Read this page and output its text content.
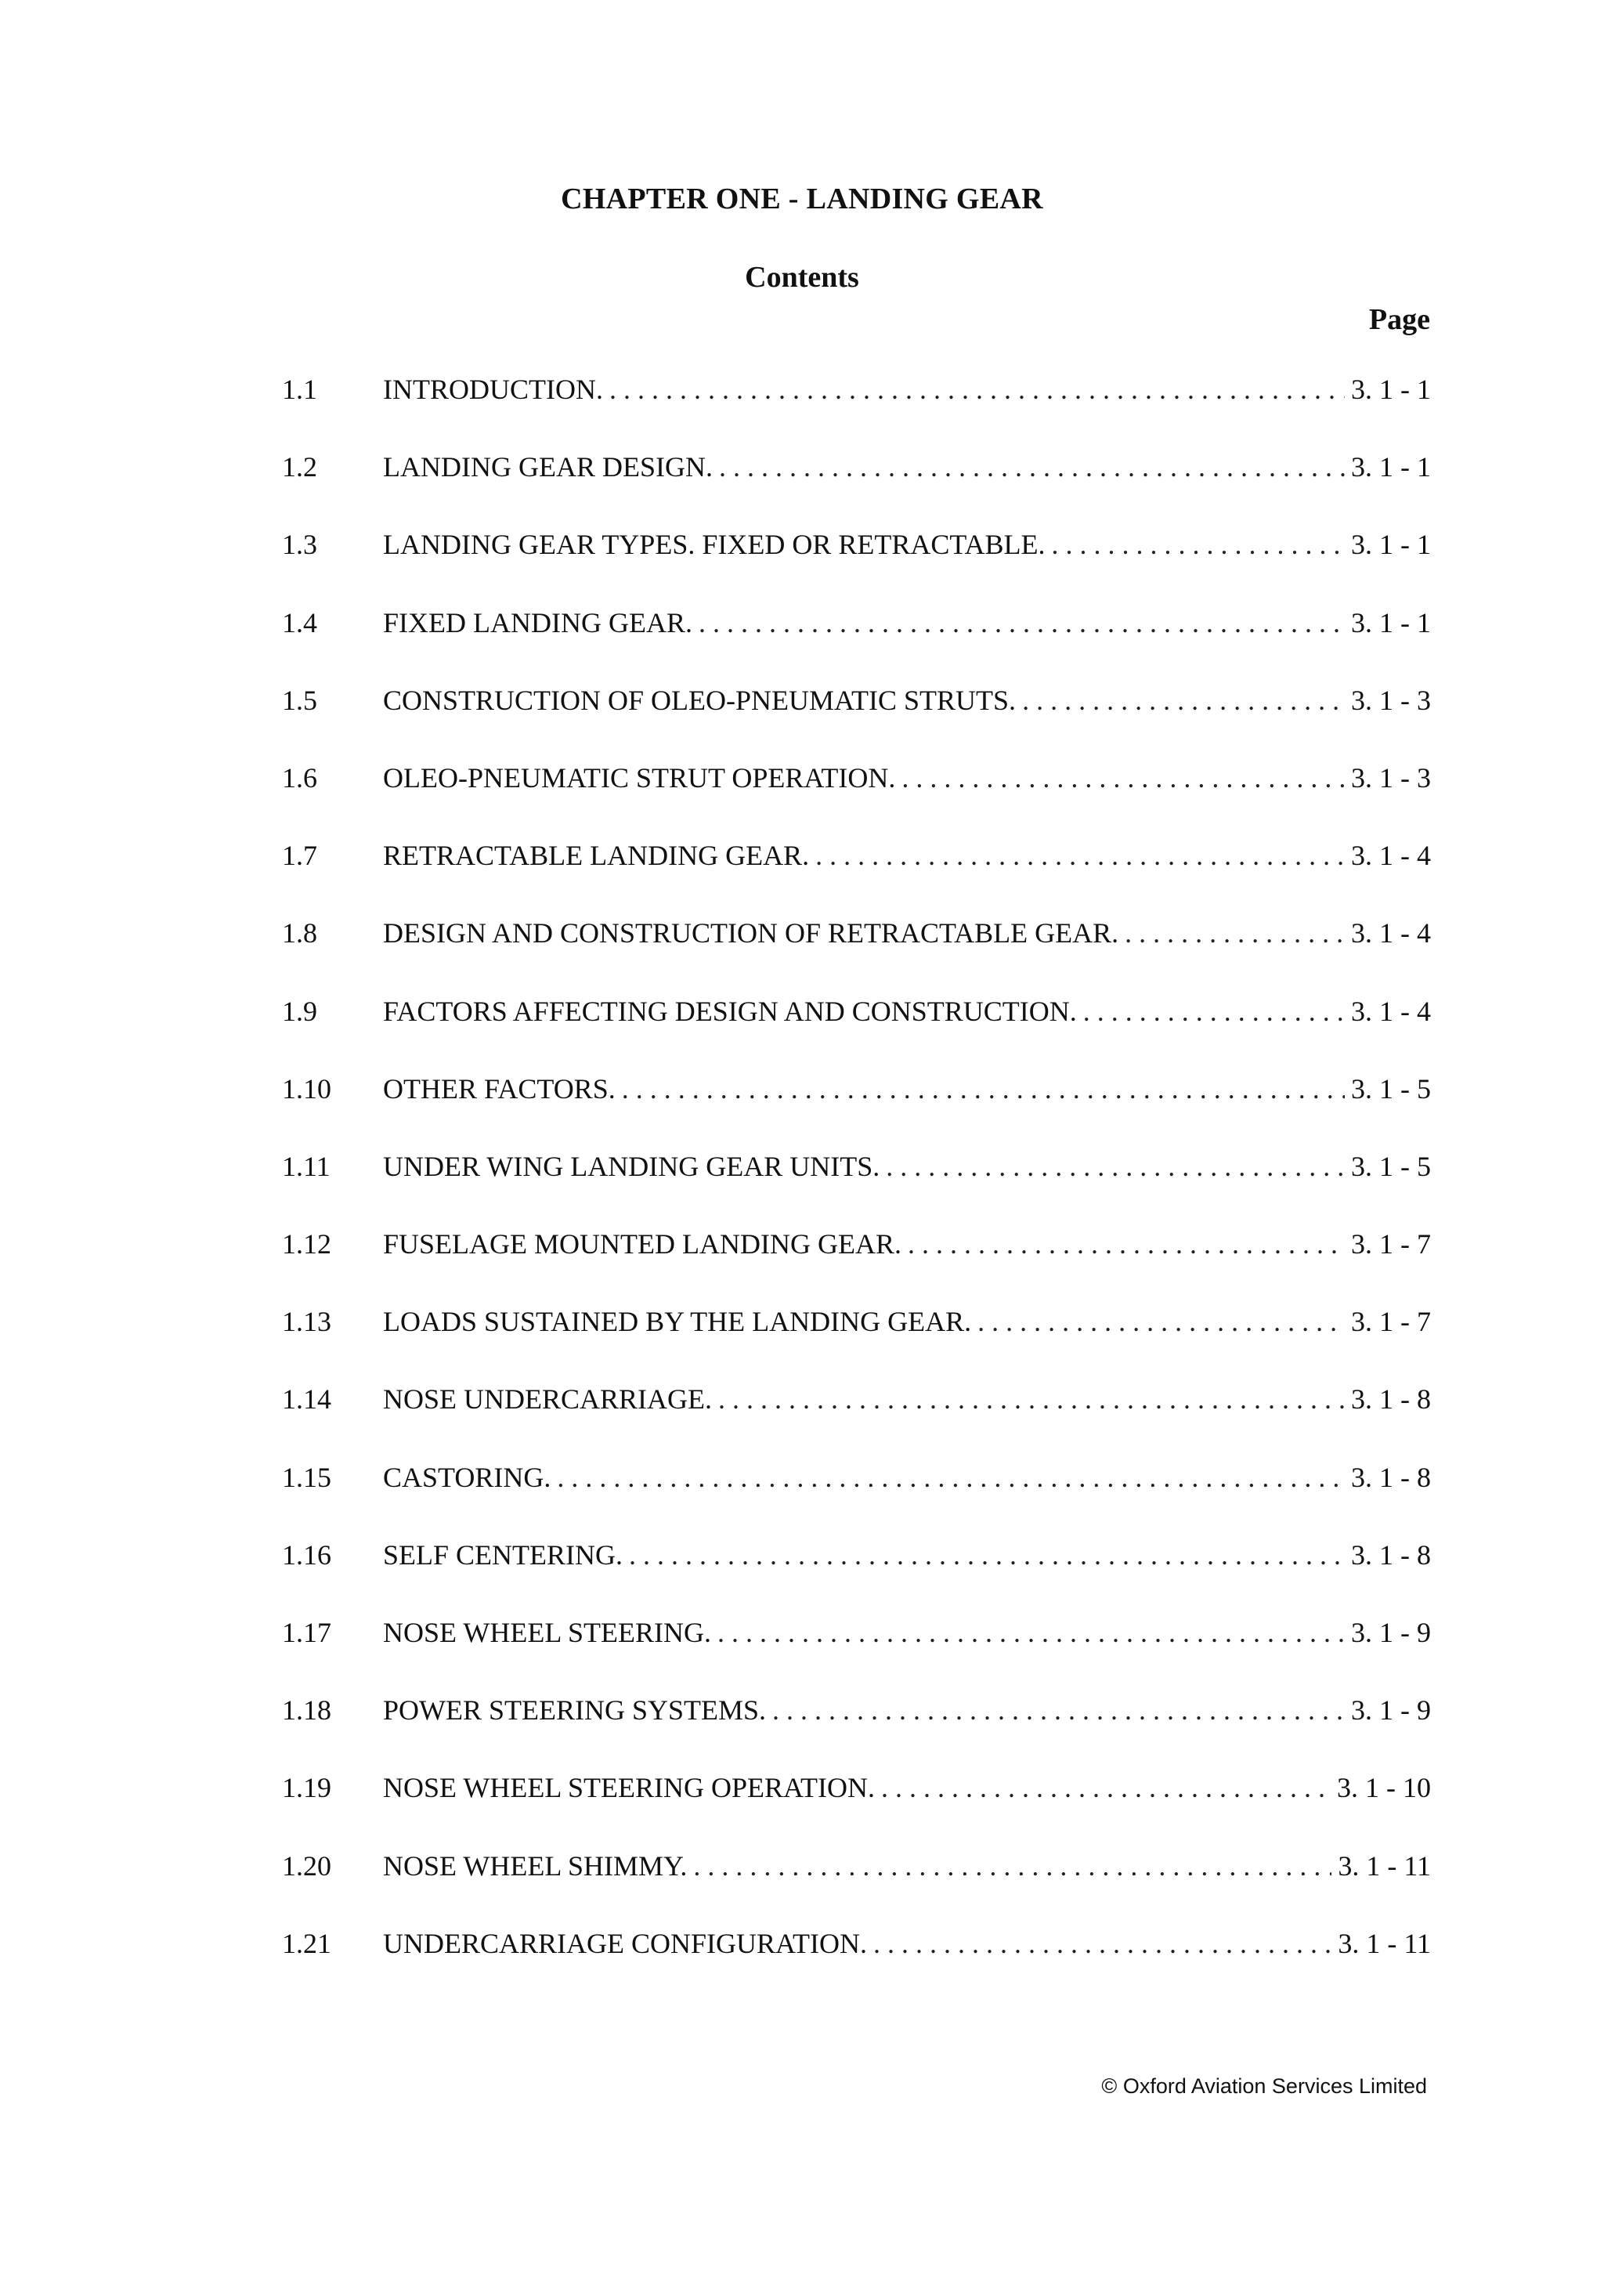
CHAPTER ONE - LANDING GEAR
Contents
Page
1.1	INTRODUCTION. . . .	3. 1 - 1
1.2	LANDING GEAR DESIGN. . . .	3. 1 - 1
1.3	LANDING GEAR TYPES. FIXED OR RETRACTABLE. . . .	3. 1 - 1
1.4	FIXED LANDING GEAR. . . .	3. 1 - 1
1.5	CONSTRUCTION OF OLEO-PNEUMATIC STRUTS. . . .	3. 1 - 3
1.6	OLEO-PNEUMATIC STRUT OPERATION. . . .	3. 1 - 3
1.7	RETRACTABLE LANDING GEAR. . . .	3. 1 - 4
1.8	DESIGN AND CONSTRUCTION OF RETRACTABLE GEAR. . . .	3. 1 - 4
1.9	FACTORS AFFECTING DESIGN AND CONSTRUCTION. . . .	3. 1 - 4
1.10	OTHER FACTORS. . . .	3. 1 - 5
1.11	UNDER WING LANDING GEAR UNITS. . . .	3. 1 - 5
1.12	FUSELAGE MOUNTED LANDING GEAR. . . .	3. 1 - 7
1.13	LOADS SUSTAINED BY THE LANDING GEAR. . . .	3. 1 - 7
1.14	NOSE UNDERCARRIAGE. . . .	3. 1 - 8
1.15	CASTORING. . . .	3. 1 - 8
1.16	SELF CENTERING. . . .	3. 1 - 8
1.17	NOSE WHEEL STEERING. . . .	3. 1 - 9
1.18	POWER STEERING SYSTEMS. . . .	3. 1 - 9
1.19	NOSE WHEEL STEERING OPERATION. . . .	3. 1 - 10
1.20	NOSE WHEEL SHIMMY. . . .	3. 1 - 11
1.21	UNDERCARRIAGE CONFIGURATION. . . .	3. 1 - 11
© Oxford Aviation Services Limited
